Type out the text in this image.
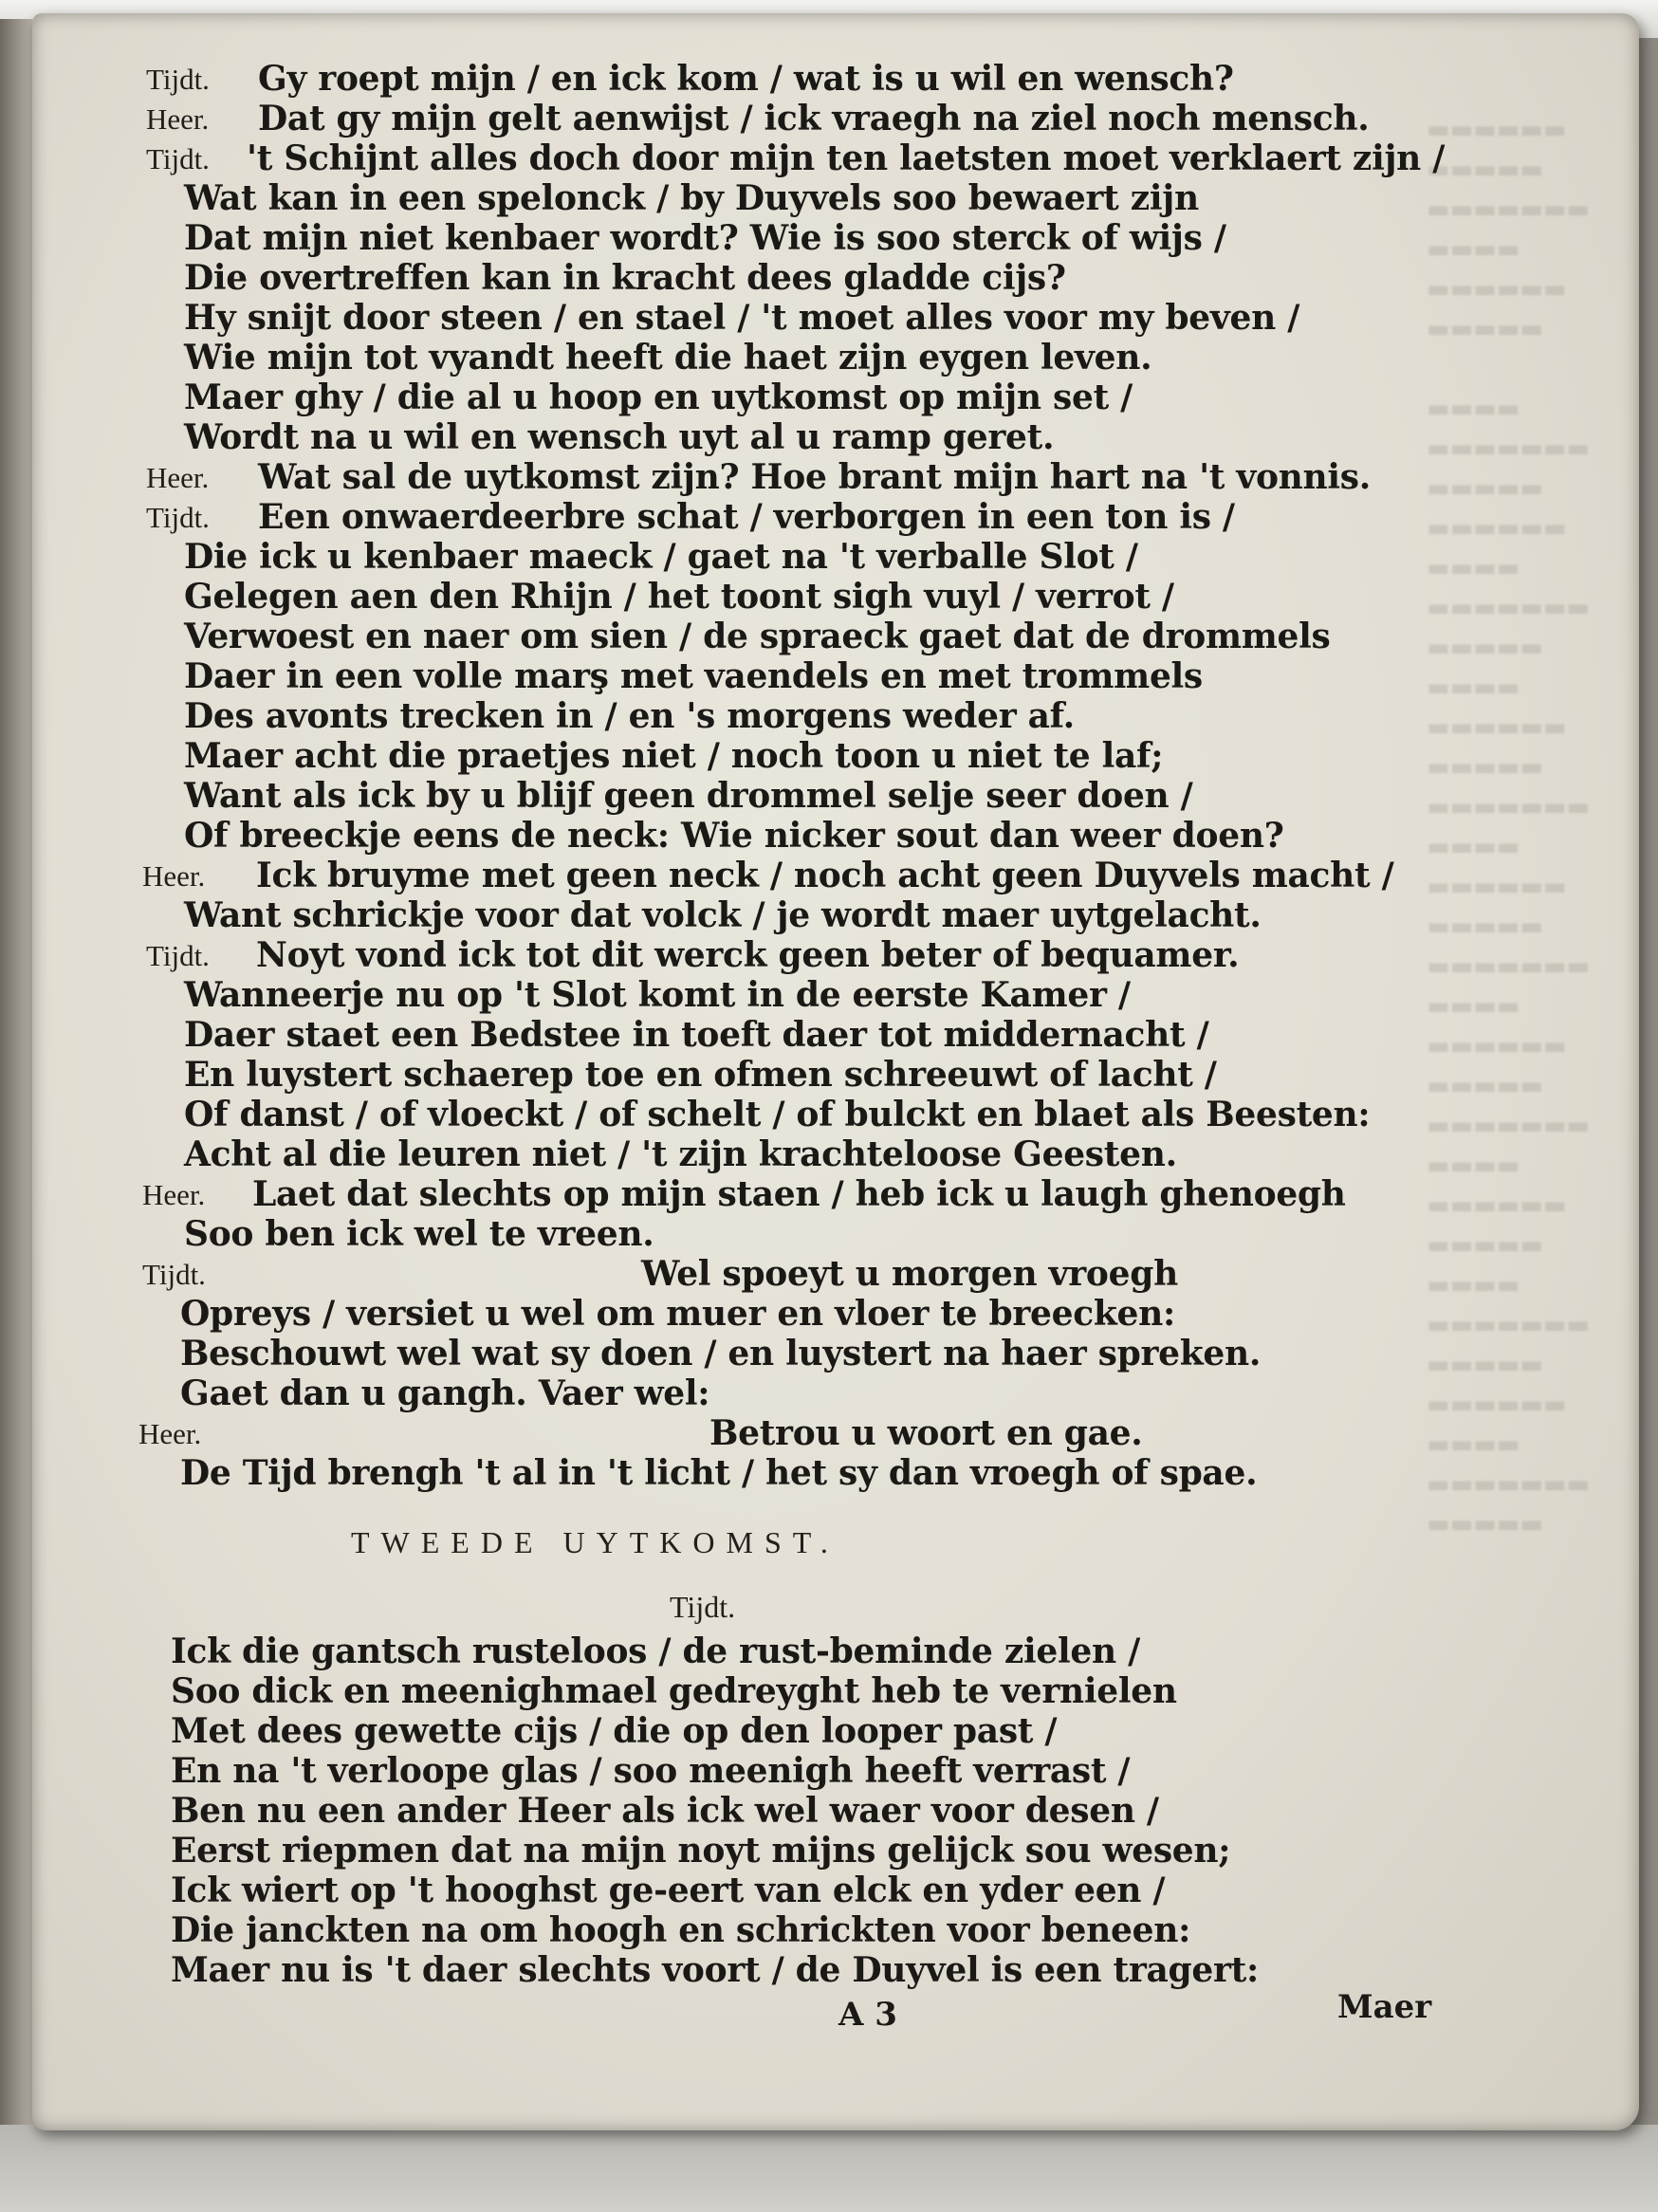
▬▬▬▬▬▬
▬▬▬▬▬
▬▬▬▬▬▬▬
▬▬▬▬
▬▬▬▬▬▬
▬▬▬▬▬

▬▬▬▬
▬▬▬▬▬▬▬
▬▬▬▬▬
▬▬▬▬▬▬
▬▬▬▬
▬▬▬▬▬▬▬
▬▬▬▬▬
▬▬▬▬
▬▬▬▬▬▬
▬▬▬▬▬
▬▬▬▬▬▬▬
▬▬▬▬
▬▬▬▬▬▬
▬▬▬▬▬
▬▬▬▬▬▬▬
▬▬▬▬
▬▬▬▬▬▬
▬▬▬▬▬
▬▬▬▬▬▬▬
▬▬▬▬
▬▬▬▬▬▬
▬▬▬▬▬
▬▬▬▬
▬▬▬▬▬▬▬
▬▬▬▬▬
▬▬▬▬▬▬
▬▬▬▬
▬▬▬▬▬▬▬
▬▬▬▬▬

Tijdt.
Heer.
Tijdt.
Heer.
Tijdt.
Heer.
Tijdt.
Heer.
Tijdt.
Heer.
Gy roept mijn / en ick kom / wat is u wil en wensch?
Dat gy mijn gelt aenwijst / ick vraegh na ziel noch mensch.
't Schijnt alles doch door mijn ten laetsten moet verklaert zijn /
Wat kan in een spelonck / by Duyvels soo bewaert zijn
Dat mijn niet kenbaer wordt? Wie is soo sterck of wijs /
Die overtreffen kan in kracht dees gladde cijs?
Hy snijt door steen / en stael / 't moet alles voor my beven /
Wie mijn tot vyandt heeft die haet zijn eygen leven.
Maer ghy / die al u hoop en uytkomst op mijn set /
Wordt na u wil en wensch uyt al u ramp geret.
Wat sal de uytkomst zijn? Hoe brant mijn hart na 't vonnis.
Een onwaerdeerbre schat / verborgen in een ton is /
Die ick u kenbaer maeck / gaet na 't verballe Slot /
Gelegen aen den Rhijn / het toont sigh vuyl / verrot /
Verwoest en naer om sien / de spraeck gaet dat de drommels
Daer in een volle marş met vaendels en met trommels
Des avonts trecken in / en 's morgens weder af.
Maer acht die praetjes niet / noch toon u niet te laf;
Want als ick by u blijf geen drommel selje seer doen /
Of breeckje eens de neck: Wie nicker sout dan weer doen?
Ick bruyme met geen neck / noch acht geen Duyvels macht /
Want schrickje voor dat volck / je wordt maer uytgelacht.
Noyt vond ick tot dit werck geen beter of bequamer.
Wanneerje nu op 't Slot komt in de eerste Kamer /
Daer staet een Bedstee in toeft daer tot middernacht /
En luystert schaerep toe en ofmen schreeuwt of lacht /
Of danst / of vloeckt / of schelt / of bulckt en blaet als Beesten:
Acht al die leuren niet / 't zijn krachteloose Geesten.
Laet dat slechts op mijn staen / heb ick u laugh ghenoegh
Soo ben ick wel te vreen.
Wel spoeyt u morgen vroegh
Opreys / versiet u wel om muer en vloer te breecken:
Beschouwt wel wat sy doen / en luystert na haer spreken.
Gaet dan u gangh. Vaer wel:
Betrou u woort en gae.
De Tijd brengh 't al in 't licht / het sy dan vroegh of spae.
TWEEDE UYTKOMST.
Tijdt.
Ick die gantsch rusteloos / de rust-beminde zielen /
Soo dick en meenighmael gedreyght heb te vernielen
Met dees gewette cijs / die op den looper past /
En na 't verloope glas / soo meenigh heeft verrast /
Ben nu een ander Heer als ick wel waer voor desen /
Eerst riepmen dat na mijn noyt mijns gelijck sou wesen;
Ick wiert op 't hooghst ge-eert van elck en yder een /
Die janckten na om hoogh en schrickten voor beneen:
Maer nu is 't daer slechts voort / de Duyvel is een tragert:
A 3	Maer
